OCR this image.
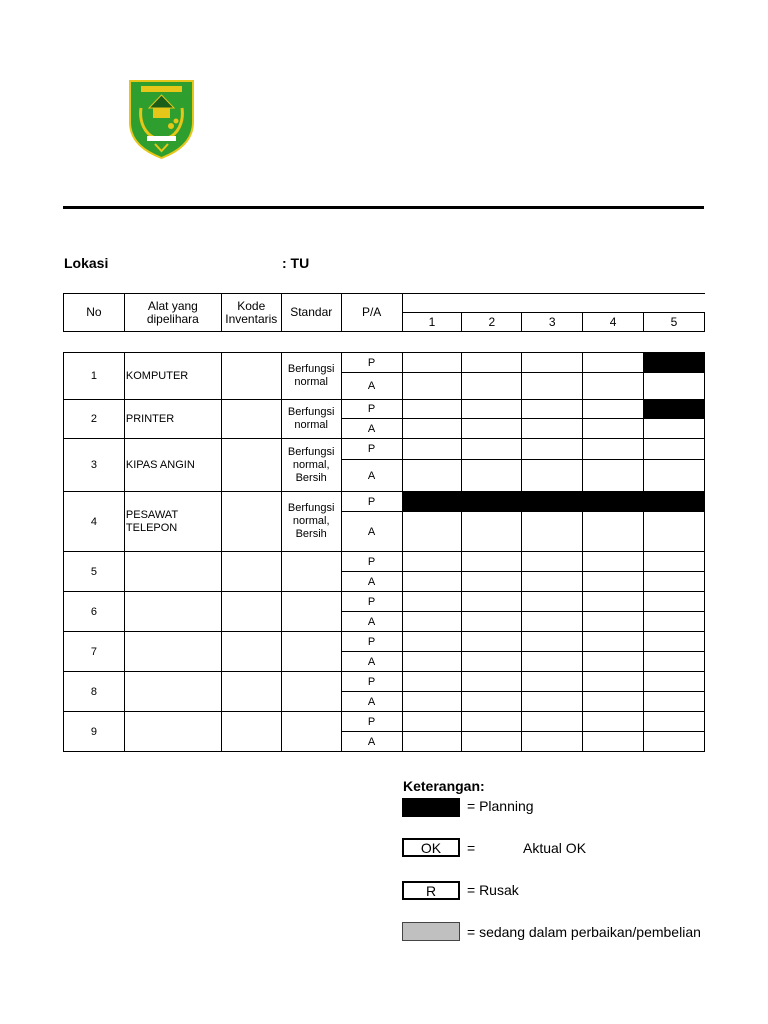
Lokasi	: TU
No	Alat yang dipelihara	Kode Inventaris	Standar	P/A					
					1	2	3	4	5
1	KOMPUTER		Berfungsi normal	P					
				A					
2	PRINTER		Berfungsi normal	P					
				A					
3	KIPAS ANGIN		Berfungsi normal, Bersih	P					
				A					
4	PESAWAT TELEPON		Berfungsi normal, Bersih	P					
				A					
5				P					
				A					
6				P					
				A					
7				P					
				A					
8				P					
				A					
9				P					
				A					
Keterangan:
= Planning
OK	=	Aktual OK
R	= Rusak
= sedang dalam perbaikan/pembelian
